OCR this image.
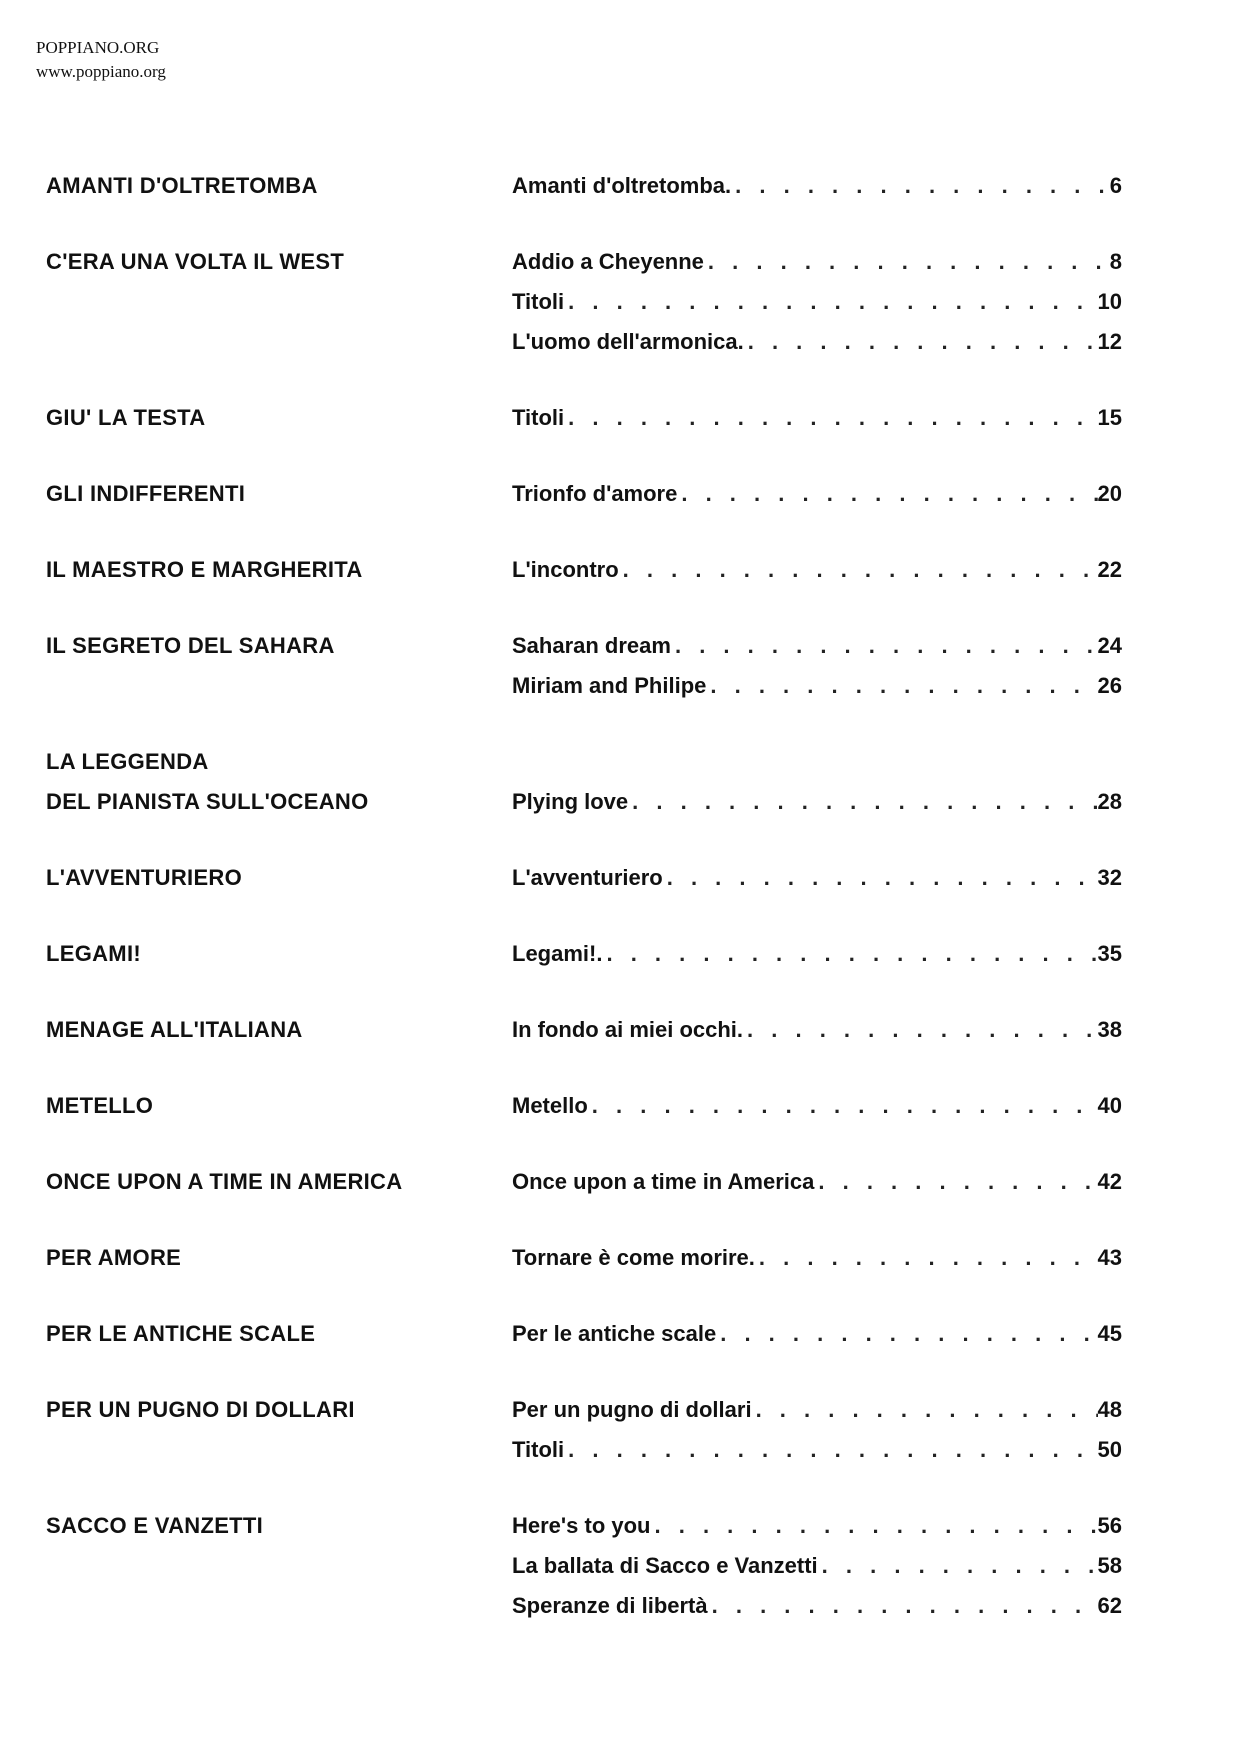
POPPIANO.ORG
www.poppiano.org
AMANTI D'OLTRETOMBA	Amanti d'oltretomba. . . .	6
C'ERA UNA VOLTA IL WEST	Addio a Cheyenne . . .	8
Titoli . . .	10
L'uomo dell'armonica. . . .	12
GIU' LA TESTA	Titoli . . .	15
GLI INDIFFERENTI	Trionfo d'amore . . .	20
IL MAESTRO E MARGHERITA	L'incontro . . .	22
IL SEGRETO DEL SAHARA	Saharan dream . . .	24
Miriam and Philipe . . .	26
LA LEGGENDA
DEL PIANISTA SULL'OCEANO	Plying love . . .	28
L'AVVENTURIERO	L'avventuriero . . .	32
LEGAMI!	Legami!. . . .	35
MENAGE ALL'ITALIANA	In fondo ai miei occhi. . . .	38
METELLO	Metello . . .	40
ONCE UPON A TIME IN AMERICA	Once upon a time in America . . .	42
PER AMORE	Tornare è come morire. . . .	43
PER LE ANTICHE SCALE	Per le antiche scale . . .	45
PER UN PUGNO DI DOLLARI	Per un pugno di dollari . . .	48
Titoli . . .	50
SACCO E VANZETTI	Here's to you . . .	56
La ballata di Sacco e Vanzetti . . .	58
Speranze di libertà . . .	62
